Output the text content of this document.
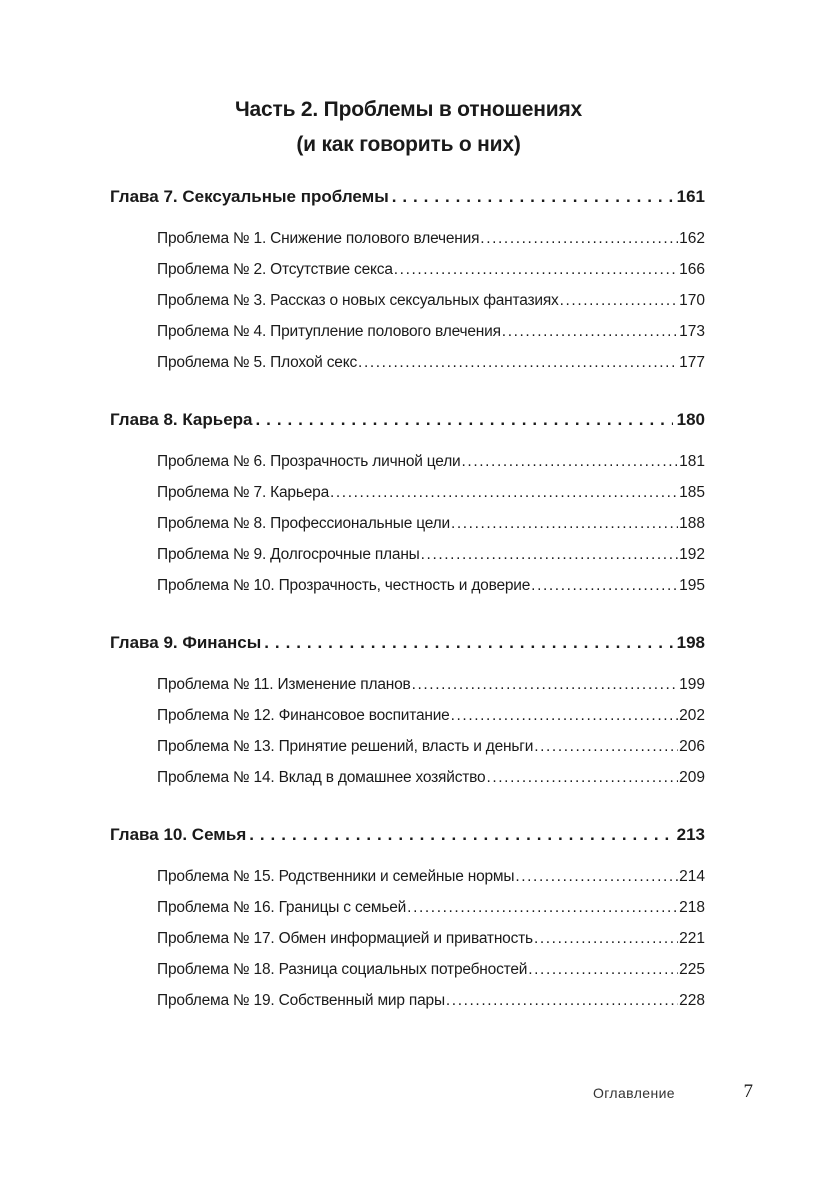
Часть 2. Проблемы в отношениях
(и как говорить о них)
Глава 7. Сексуальные проблемы . . .	161
Проблема № 1. Снижение полового влечения .....	162
Проблема № 2. Отсутствие секса .....	166
Проблема № 3. Рассказ о новых сексуальных фантазиях .....	170
Проблема № 4. Притупление полового влечения .....	173
Проблема № 5. Плохой секс .....	177
Глава 8. Карьера . . .	180
Проблема № 6. Прозрачность личной цели .....	181
Проблема № 7. Карьера .....	185
Проблема № 8. Профессиональные цели .....	188
Проблема № 9. Долгосрочные планы .....	192
Проблема № 10. Прозрачность, честность и доверие .....	195
Глава 9. Финансы . . .	198
Проблема № 11. Изменение планов .....	199
Проблема № 12. Финансовое воспитание .....	202
Проблема № 13. Принятие решений, власть и деньги .....	206
Проблема № 14. Вклад в домашнее хозяйство .....	209
Глава 10. Семья . . .	213
Проблема № 15. Родственники и семейные нормы .....	214
Проблема № 16. Границы с семьей .....	218
Проблема № 17. Обмен информацией и приватность .....	221
Проблема № 18. Разница социальных потребностей .....	225
Проблема № 19. Собственный мир пары .....	228
Оглавление	7
